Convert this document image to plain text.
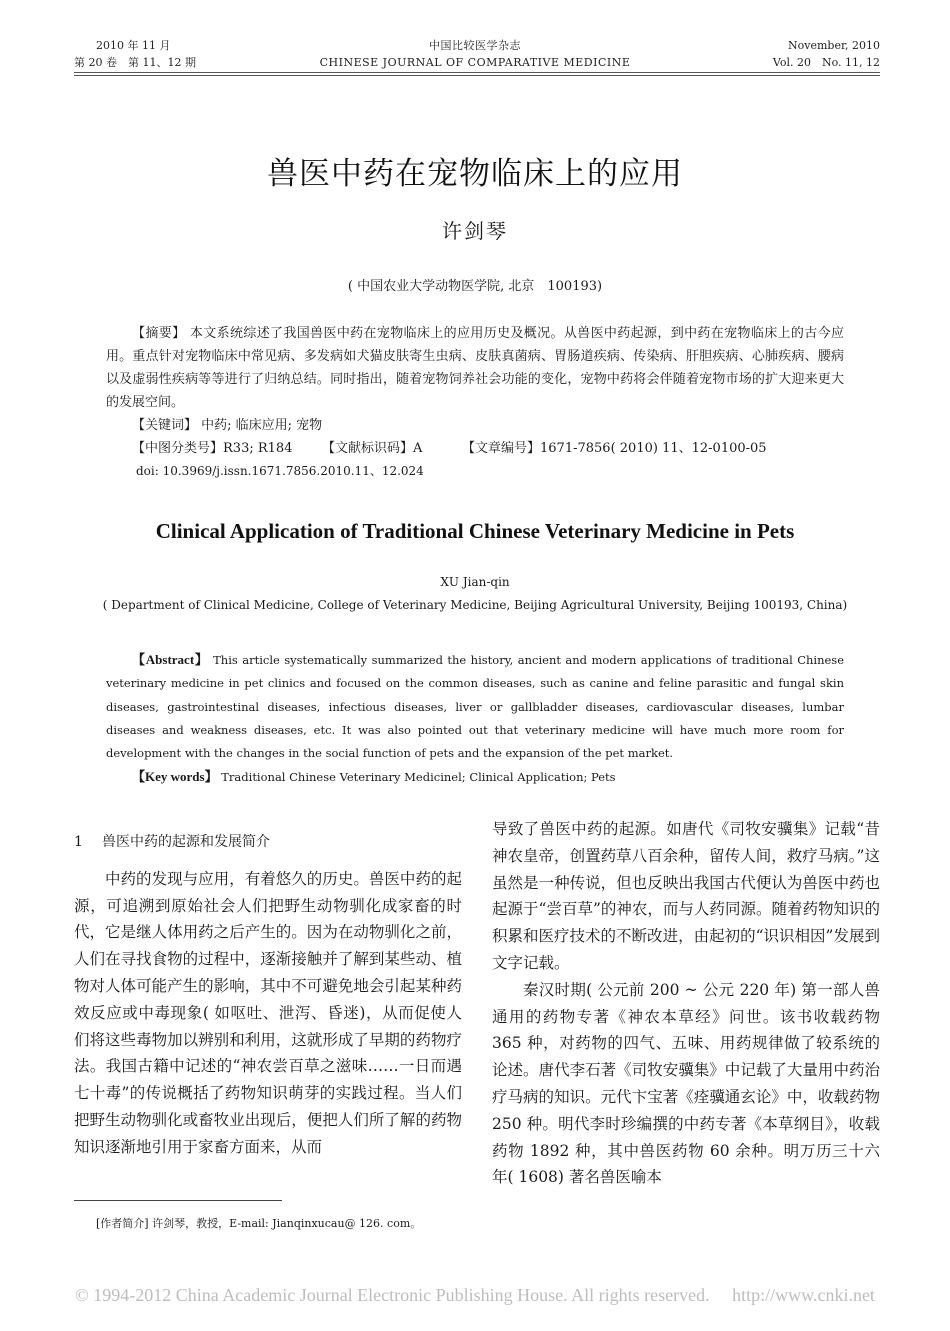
2010 年 11 月
第 20 卷　第 11、12 期
中国比较医学杂志
CHINESE JOURNAL OF COMPARATIVE MEDICINE
November, 2010
Vol. 20　No. 11, 12
兽医中药在宠物临床上的应用
许剑琴
( 中国农业大学动物医学院, 北京　100193)

【摘要】 本文系统综述了我国兽医中药在宠物临床上的应用历史及概况。从兽医中药起源，到中药在宠物临床上的古今应用。重点针对宠物临床中常见病、多发病如犬猫皮肤寄生虫病、皮肤真菌病、胃肠道疾病、传染病、肝胆疾病、心肺疾病、腰病以及虚弱性疾病等等进行了归纳总结。同时指出，随着宠物饲养社会功能的变化，宠物中药将会伴随着宠物市场的扩大迎来更大的发展空间。

【关键词】 中药; 临床应用; 宠物

【中图分类号】R33; R184	【文献标识码】A	【文章编号】1671-7856( 2010) 11、12-0100-05

doi: 10.3969/j.issn.1671.7856.2010.11、12.024

Clinical Application of Traditional Chinese Veterinary Medicine in Pets
XU Jian-qin
( Department of Clinical Medicine, College of Veterinary Medicine, Beijing Agricultural University, Beijing 100193, China)

【Abstract】 This article systematically summarized the history, ancient and modern applications of traditional Chinese veterinary medicine in pet clinics and focused on the common diseases, such as canine and feline parasitic and fungal skin diseases, gastrointestinal diseases, infectious diseases, liver or gallbladder diseases, cardiovascular diseases, lumbar diseases and weakness diseases, etc. It was also pointed out that veterinary medicine will have much more room for development with the changes in the social function of pets and the expansion of the pet market.

【Key words】 Traditional Chinese Veterinary Medicinel; Clinical Application; Pets

1 兽医中药的起源和发展简介

中药的发现与应用，有着悠久的历史。兽医中药的起源，可追溯到原始社会人们把野生动物驯化成家畜的时代，它是继人体用药之后产生的。因为在动物驯化之前，人们在寻找食物的过程中，逐渐接触并了解到某些动、植物对人体可能产生的影响，其中不可避免地会引起某种药效反应或中毒现象( 如呕吐、泄泻、昏迷)，从而促使人们将这些毒物加以辨别和利用，这就形成了早期的药物疗法。我国古籍中记述的“神农尝百草之滋味……一日而遇七十毒”的传说概括了药物知识萌芽的实践过程。当人们把野生动物驯化或畜牧业出现后，便把人们所了解的药物知识逐渐地引用于家畜方面来，从而

导致了兽医中药的起源。如唐代《司牧安骥集》记载“昔神农皇帝，创置药草八百余种，留传人间，救疗马病。”这虽然是一种传说，但也反映出我国古代便认为兽医中药也起源于“尝百草”的神农，而与人药同源。随着药物知识的积累和医疗技术的不断改进，由起初的“识识相因”发展到文字记载。

秦汉时期( 公元前 200 ~ 公元 220 年) 第一部人兽通用的药物专著《神农本草经》问世。该书收载药物 365 种，对药物的四气、五味、用药规律做了较系统的论述。唐代李石著《司牧安骥集》中记载了大量用中药治疗马病的知识。元代卞宝著《痊骥通玄论》中，收载药物 250 种。明代李时珍编撰的中药专著《本草纲目》，收载药物 1892 种，其中兽医药物 60 余种。明万历三十六年( 1608) 著名兽医喻本

[作者简介] 许剑琴，教授，E-mail: Jianqinxucau@ 126. com。
© 1994-2012 China Academic Journal Electronic Publishing House. All rights reserved.　 http://www.cnki.net
